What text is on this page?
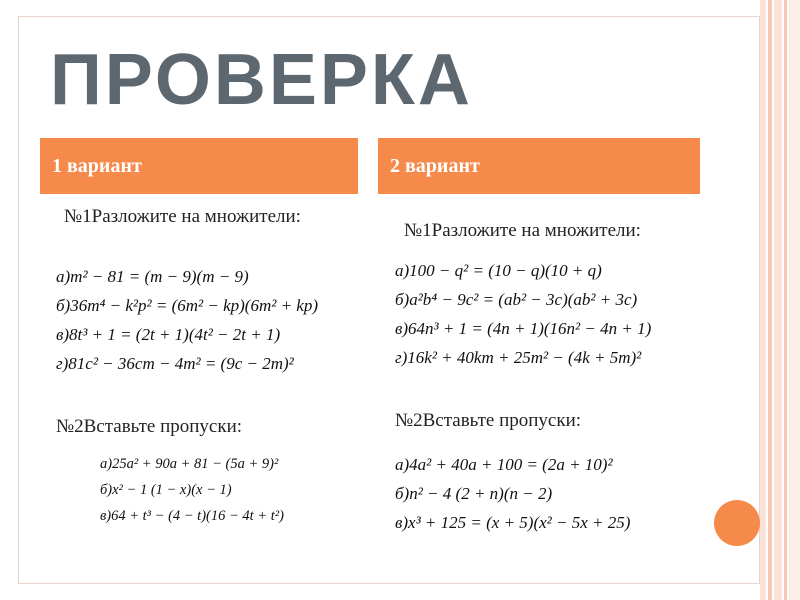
ПРОВЕРКА
1 вариант	2 вариант
№1Разложите на множители:
а)m² − 81 = (m − 9)(m − 9)
б)36m⁴ − k²p² = (6m² − kp)(6m² + kp)
в)8t³ + 1 = (2t + 1)(4t² − 2t + 1)
г)81c² − 36cm − 4m² = (9c − 2m)²
№2Вставьте пропуски:
а)25a² + 90a + 81 − (5a + 9)²
б)x² − 1 (1 − x)(x − 1)
в)64 + t³ − (4 − t)(16 − 4t + t²)
№1Разложите на множители:
а)100 − q² = (10 − q)(10 + q)
б)a²b⁴ − 9c² = (ab² − 3c)(ab² + 3c)
в)64n³ + 1 = (4n + 1)(16n² − 4n + 1)
г)16k² + 40km + 25m² − (4k + 5m)²
№2Вставьте пропуски:
а)4a² + 40a + 100 = (2a + 10)²
б)n² − 4 (2 + n)(n − 2)
в)x³ + 125 = (x + 5)(x² − 5x + 25)
